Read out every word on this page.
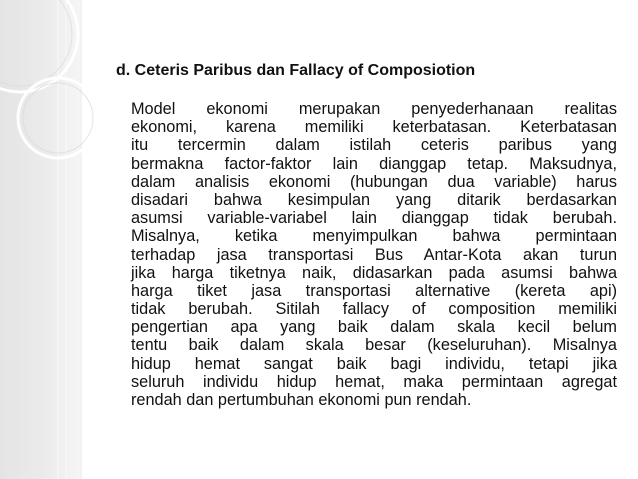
d. Ceteris Paribus dan Fallacy of Composiotion
Model ekonomi merupakan penyederhanaan realitas
ekonomi, karena memiliki keterbatasan. Keterbatasan
itu tercermin dalam istilah ceteris paribus yang
bermakna factor-faktor lain dianggap tetap. Maksudnya,
dalam analisis ekonomi (hubungan dua variable) harus
disadari bahwa kesimpulan yang ditarik berdasarkan
asumsi variable-variabel lain dianggap tidak berubah.
Misalnya, ketika menyimpulkan bahwa permintaan
terhadap jasa transportasi Bus Antar-Kota akan turun
jika harga tiketnya naik, didasarkan pada asumsi bahwa
harga tiket jasa transportasi alternative (kereta api)
tidak berubah. Sitilah fallacy of composition memiliki
pengertian apa yang baik dalam skala kecil belum
tentu baik dalam skala besar (keseluruhan). Misalnya
hidup hemat sangat baik bagi individu, tetapi jika
seluruh individu hidup hemat, maka permintaan agregat
rendah dan pertumbuhan ekonomi pun rendah.
